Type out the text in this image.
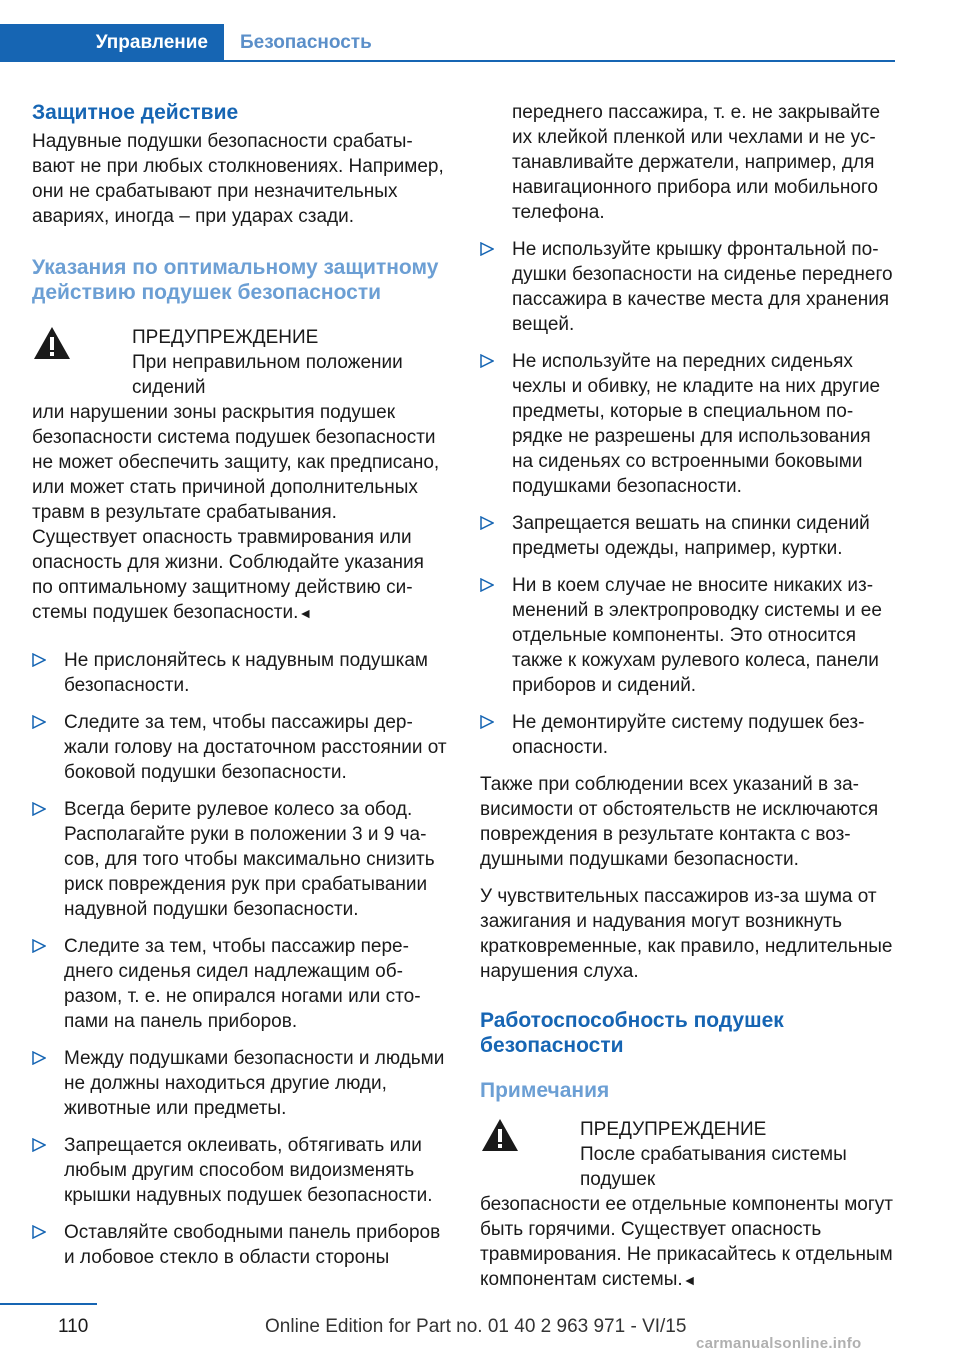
Управление Безопасность
Защитное действие

Надувные подушки безопасности срабатывают не при любых столкновениях. Например, они не срабатывают при незначительных авариях, иногда – при ударах сзади.

Указания по оптимальному защитному действию подушек безопасности

ПРЕДУПРЕЖДЕНИЕ

При неправильном положении сидений

или нарушении зоны раскрытия подушек безопасности система подушек безопасности не может обеспечить защиту, как предписано, или может стать причиной дополнительных травм в результате срабатывания. Существует опасность травмирования или опасность для жизни. Соблюдайте указания по оптимальному защитному действию системы подушек безопасности.◄

Не прислоняйтесь к надувным подушкам безопасности.
Следите за тем, чтобы пассажиры держали голову на достаточном расстоянии от боковой подушки безопасности.
Всегда берите рулевое колесо за обод. Располагайте руки в положении 3 и 9 часов, для того чтобы максимально снизить риск повреждения рук при срабатывании надувной подушки безопасности.
Следите за тем, чтобы пассажир переднего сиденья сидел надлежащим образом, т. е. не опирался ногами или стопами на панель приборов.
Между подушками безопасности и людьми не должны находиться другие люди, животные или предметы.
Запрещается оклеивать, обтягивать или любым другим способом видоизменять крышки надувных подушек безопасности.
Оставляйте свободными панель приборов и лобовое стекло в области стороны

переднего пассажира, т. е. не закрывайте их клейкой пленкой или чехлами и не устанавливайте держатели, например, для навигационного прибора или мобильного телефона.

Не используйте крышку фронтальной подушки безопасности на сиденье переднего пассажира в качестве места для хранения вещей.
Не используйте на передних сиденьях чехлы и обивку, не кладите на них другие предметы, которые в специальном порядке не разрешены для использования на сиденьях со встроенными боковыми подушками безопасности.
Запрещается вешать на спинки сидений предметы одежды, например, куртки.
Ни в коем случае не вносите никаких изменений в электропроводку системы и ее отдельные компоненты. Это относится также к кожухам рулевого колеса, панели приборов и сидений.
Не демонтируйте систему подушек безопасности.

Также при соблюдении всех указаний в зависимости от обстоятельств не исключаются повреждения в результате контакта с воздушными подушками безопасности.

У чувствительных пассажиров из-за шума от зажигания и надувания могут возникнуть кратковременные, как правило, недлительные нарушения слуха.

Работоспособность подушек безопасности
Примечания

ПРЕДУПРЕЖДЕНИЕ

После срабатывания системы подушек

безопасности ее отдельные компоненты могут быть горячими. Существует опасность травмирования. Не прикасайтесь к отдельным компонентам системы.◄

110	Online Edition for Part no. 01 40 2 963 971 - VI/15
carmanualsonline.info
